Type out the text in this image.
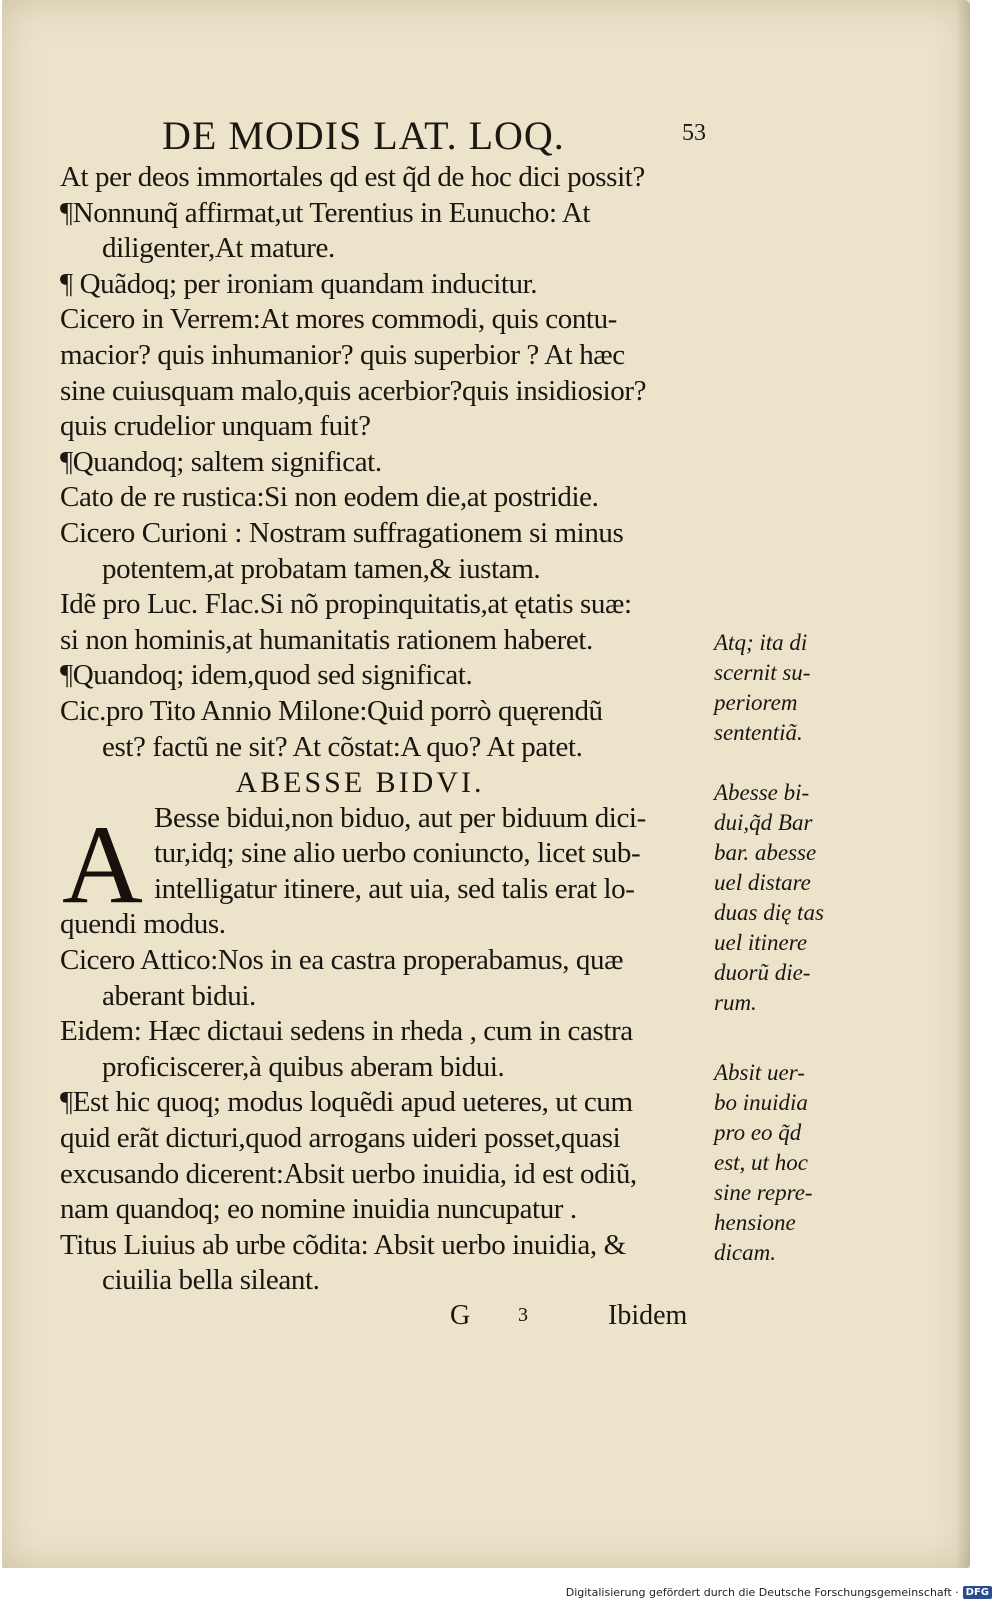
DE MODIS LAT. LOQ.	53
At per deos immortales qd est q̃d de hoc dici possit?
¶Nonnunq̃ affirmat,ut Terentius in Eunucho: At
diligenter,At mature.
¶ Quãdoq; per ironiam quandam inducitur.
Cicero in Verrem:At mores commodi, quis contu-
macior? quis inhumanior? quis superbior ? At hæc
sine cuiusquam malo,quis acerbior?quis insidiosior?
quis crudelior unquam fuit?
¶Quandoq; saltem significat.
Cato de re rustica:Si non eodem die,at postridie.
Cicero Curioni : Nostram suffragationem si minus
potentem,at probatam tamen,& iustam.
Idẽ pro Luc. Flac.Si nõ propinquitatis,at ętatis suæ:
si non hominis,at humanitatis rationem haberet.
¶Quandoq; idem,quod sed significat.
Cic.pro Tito Annio Milone:Quid porrò quęrendũ
est? factũ ne sit? At cõstat:A quo? At patet.
ABESSE BIDVI.
A Besse bidui,non biduo, aut per biduum dici-
tur,idq; sine alio uerbo coniuncto, licet sub-
intelligatur itinere, aut uia, sed talis erat lo-
quendi modus.
Cicero Attico:Nos in ea castra properabamus, quæ
aberant bidui.
Eidem: Hæc dictaui sedens in rheda , cum in castra
proficiscerer,à quibus aberam bidui.
¶Est hic quoq; modus loquẽdi apud ueteres, ut cum
quid erãt dicturi,quod arrogans uideri posset,quasi
excusando dicerent:Absit uerbo inuidia, id est odiũ,
nam quandoq; eo nomine inuidia nuncupatur .
Titus Liuius ab urbe cõdita: Absit uerbo inuidia, &
ciuilia bella sileant.
Atq; ita di
scernit su-
periorem
sententiã.
Abesse bi-
dui,q̃d Bar
bar. abesse
uel distare
duas dię tas
uel itinere
duorũ die-
rum.
Absit uer-
bo inuidia
pro eo q̃d
est, ut hoc
sine repre-
hensione
dicam.
G 3	Ibidem
Digitalisierung gefördert durch die Deutsche Forschungsgemeinschaft · DFG
